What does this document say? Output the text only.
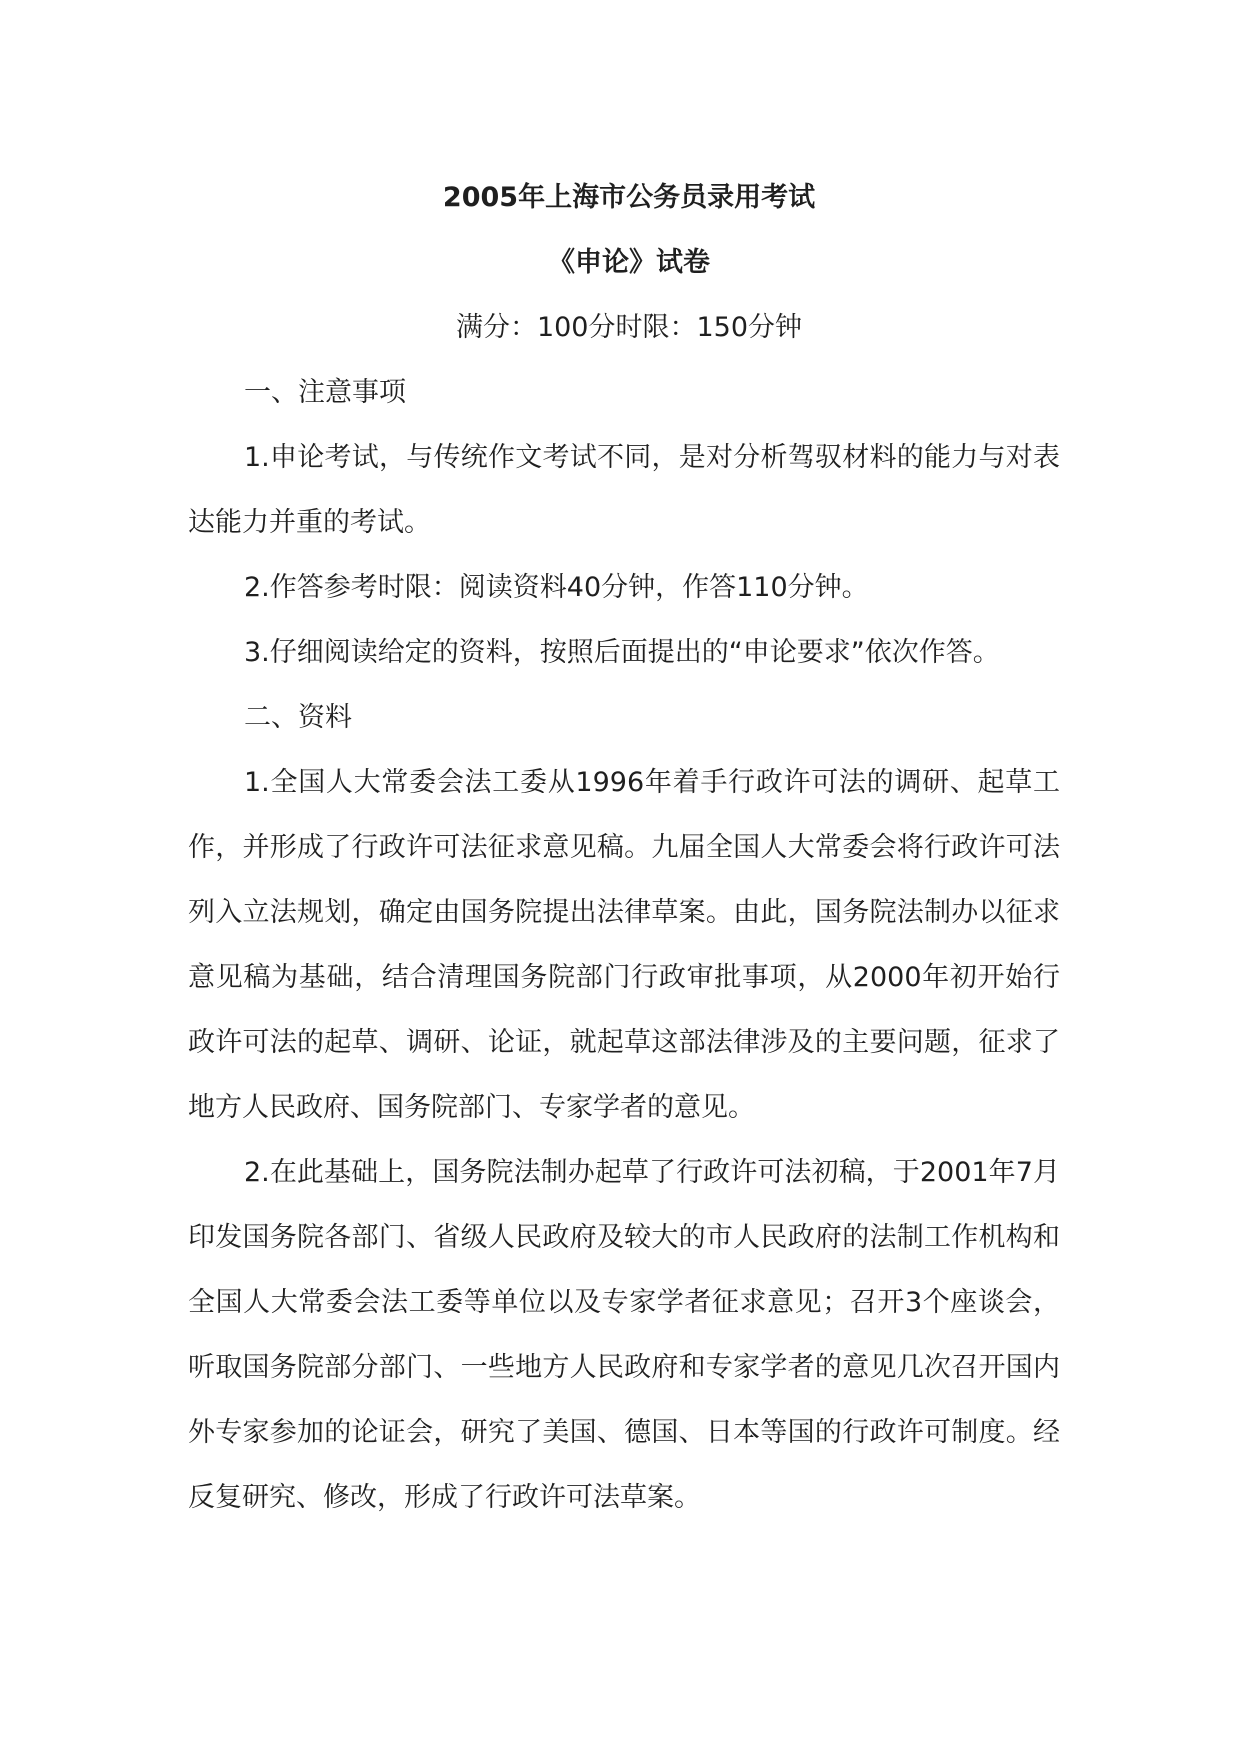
2005年上海市公务员录用考试

《申论》试卷

满分：100分时限：150分钟

一、注意事项

1.申论考试，与传统作文考试不同，是对分析驾驭材料的能力与对表达能力并重的考试。

2.作答参考时限：阅读资料40分钟，作答110分钟。

3.仔细阅读给定的资料，按照后面提出的“申论要求”依次作答。

二、资料

1.全国人大常委会法工委从1996年着手行政许可法的调研、起草工作，并形成了行政许可法征求意见稿。九届全国人大常委会将行政许可法列入立法规划，确定由国务院提出法律草案。由此，国务院法制办以征求意见稿为基础，结合清理国务院部门行政审批事项，从2000年初开始行政许可法的起草、调研、论证，就起草这部法律涉及的主要问题，征求了地方人民政府、国务院部门、专家学者的意见。

2.在此基础上，国务院法制办起草了行政许可法初稿，于2001年7月印发国务院各部门、省级人民政府及较大的市人民政府的法制工作机构和全国人大常委会法工委等单位以及专家学者征求意见；召开3个座谈会，听取国务院部分部门、一些地方人民政府和专家学者的意见几次召开国内外专家参加的论证会，研究了美国、德国、日本等国的行政许可制度。经反复研究、修改，形成了行政许可法草案。
